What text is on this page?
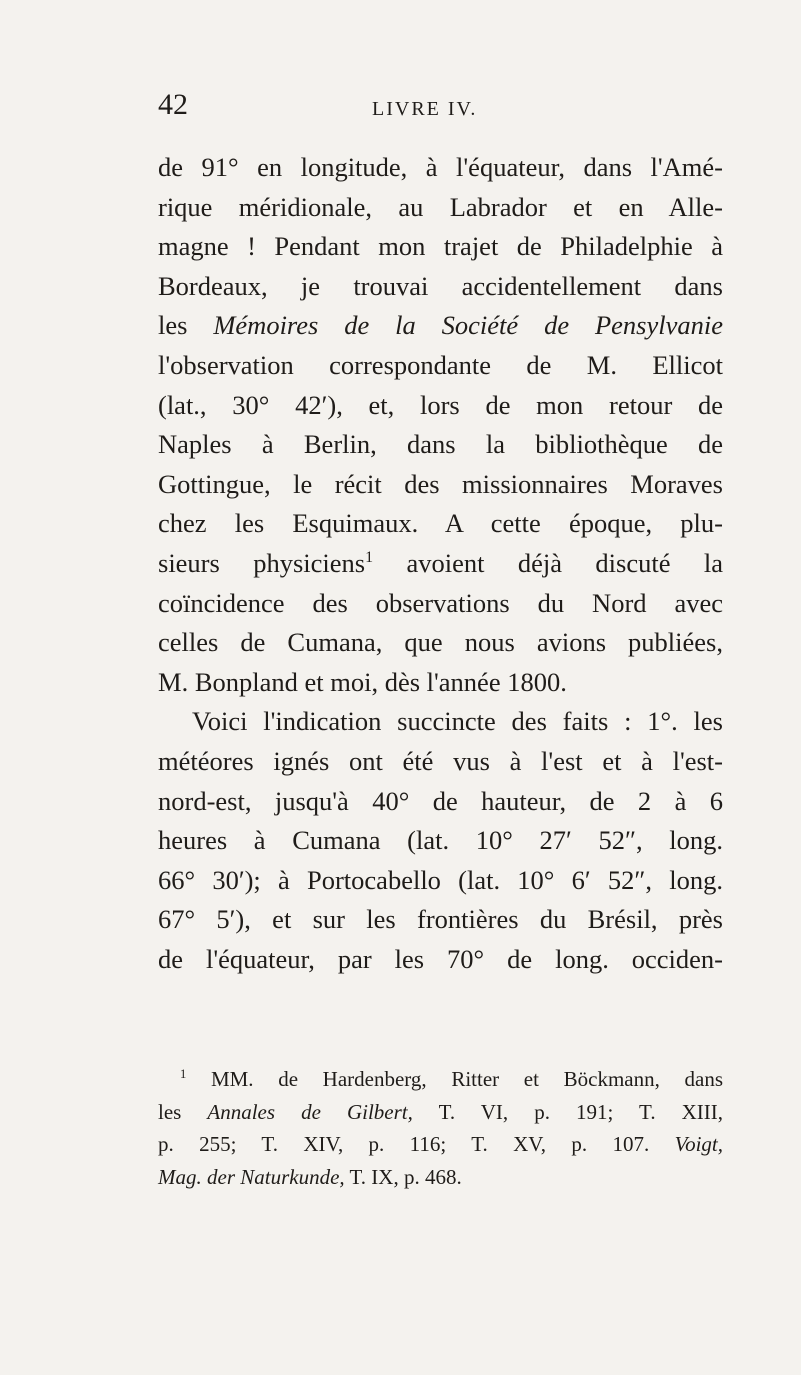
42	LIVRE IV.
de 91° en longitude, à l'équateur, dans l'Amé-
rique méridionale, au Labrador et en Alle-
magne ! Pendant mon trajet de Philadelphie à
Bordeaux, je trouvai accidentellement dans
les Mémoires de la Société de Pensylvanie
l'observation correspondante de M. Ellicot
(lat., 30° 42′), et, lors de mon retour de
Naples à Berlin, dans la bibliothèque de
Gottingue, le récit des missionnaires Moraves
chez les Esquimaux. A cette époque, plu-
sieurs physiciens$^1$ avoient déjà discuté la
coïncidence des observations du Nord avec
celles de Cumana, que nous avions publiées,
M. Bonpland et moi, dès l'année 1800.
Voici l'indication succincte des faits : 1°. les
météores ignés ont été vus à l'est et à l'est-
nord-est, jusqu'à 40° de hauteur, de 2 à 6
heures à Cumana (lat. 10° 27′ 52″, long.
66° 30′); à Portocabello (lat. 10° 6′ 52″, long.
67° 5′), et sur les frontières du Brésil, près
de l'équateur, par les 70° de long. occiden-
$^1$ MM. de Hardenberg, Ritter et Böckmann, dans
les Annales de Gilbert, T. VI, p. 191; T. XIII,
p. 255; T. XIV, p. 116; T. XV, p. 107. Voigt,
Mag. der Naturkunde, T. IX, p. 468.
